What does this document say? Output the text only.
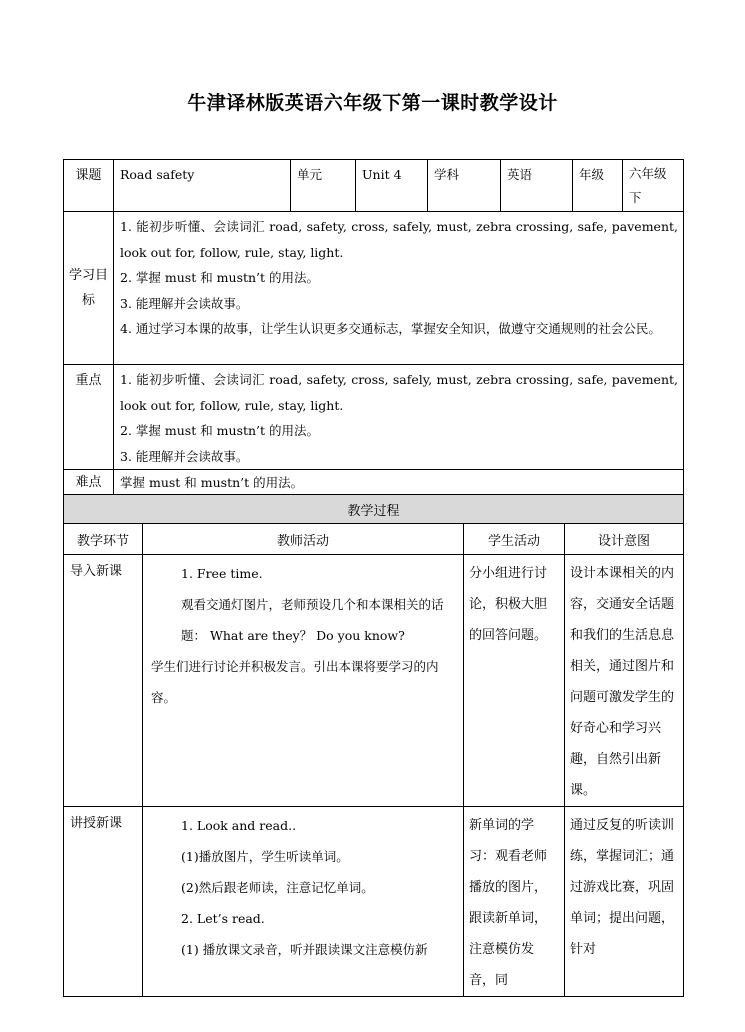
牛津译林版英语六年级下第一课时教学设计
课题	Road safety	单元	Unit 4	学科	英语	年级	六年级下
学习目标	1. 能初步听懂、会读词汇 road, safety, cross, safely, must, zebra crossing, safe, pavement,
look out for, follow, rule, stay, light.
2. 掌握 must 和 mustn’t 的用法。
3. 能理解并会读故事。
4. 通过学习本课的故事，让学生认识更多交通标志，掌握安全知识，做遵守交通规则的社会公民。						

重点	1. 能初步听懂、会读词汇 road, safety, cross, safely, must, zebra crossing, safe, pavement,
look out for, follow, rule, stay, light.
2. 掌握 must 和 mustn’t 的用法。
3. 能理解并会读故事。						

难点	掌握 must 和 mustn’t 的用法。						
教学过程			
教学环节	教师活动	学生活动	设计意图
导入新课	1. Free time.

观看交通灯图片，老师预设几个和本课相关的话题： What are they？ Do you know?

学生们进行讨论并积极发言。引出本课将要学习的内容。	分小组进行讨论，积极大胆的回答问题。	设计本课相关的内容，交通安全话题和我们的生活息息相关，通过图片和问题可激发学生的好奇心和学习兴趣，自然引出新课。

讲授新课	1. Look and read..

(1)播放图片，学生听读单词。

(2)然后跟老师读，注意记忆单词。

2. Let’s read.

(1) 播放课文录音，听并跟读课文注意模仿新	新单词的学习：观看老师播放的图片，跟读新单词，注意模仿发音，同	通过反复的听读训练，掌握词汇；通过游戏比赛，巩固单词；提出问题，针对
